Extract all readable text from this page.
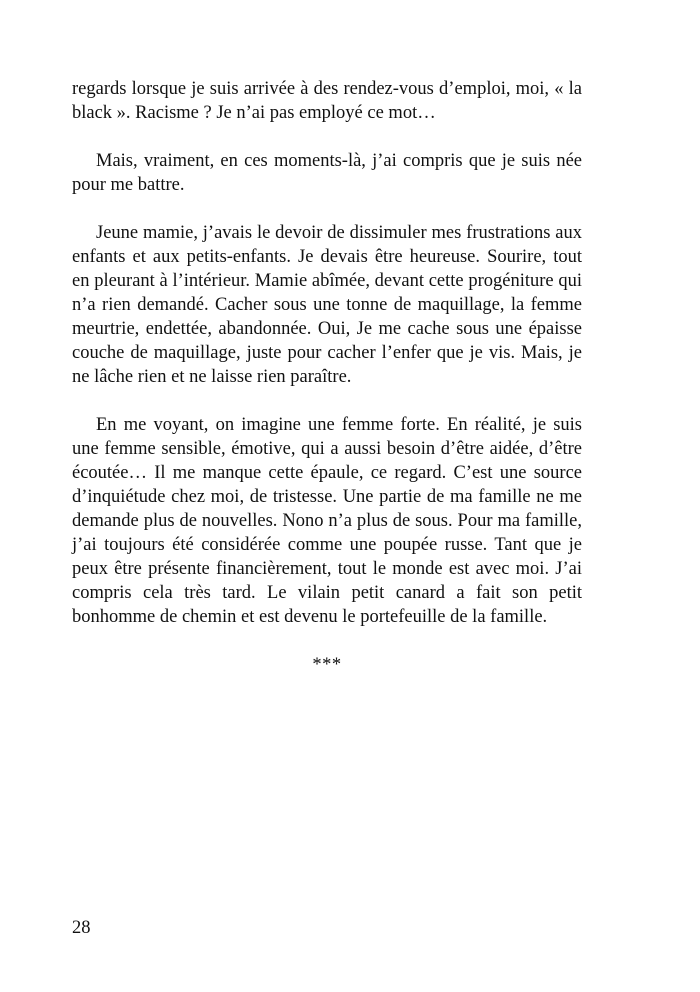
regards lorsque je suis arrivée à des rendez-vous d’emploi, moi, « la black ». Racisme ? Je n’ai pas employé ce mot…

Mais, vraiment, en ces moments-là, j’ai compris que je suis née pour me battre.

Jeune mamie, j’avais le devoir de dissimuler mes frustrations aux enfants et aux petits-enfants. Je devais être heureuse. Sourire, tout en pleurant à l’intérieur. Mamie abîmée, devant cette progéniture qui n’a rien demandé. Cacher sous une tonne de maquillage, la femme meurtrie, endettée, abandonnée. Oui, Je me cache sous une épaisse couche de maquillage, juste pour cacher l’enfer que je vis. Mais, je ne lâche rien et ne laisse rien paraître.

En me voyant, on imagine une femme forte. En réalité, je suis une femme sensible, émotive, qui a aussi besoin d’être aidée, d’être écoutée… Il me manque cette épaule, ce regard. C’est une source d’inquiétude chez moi, de tristesse. Une partie de ma famille ne me demande plus de nouvelles. Nono n’a plus de sous. Pour ma famille, j’ai toujours été considérée comme une poupée russe. Tant que je peux être présente financièrement, tout le monde est avec moi. J’ai compris cela très tard. Le vilain petit canard a fait son petit bonhomme de chemin et est devenu le portefeuille de la famille.

***
28
